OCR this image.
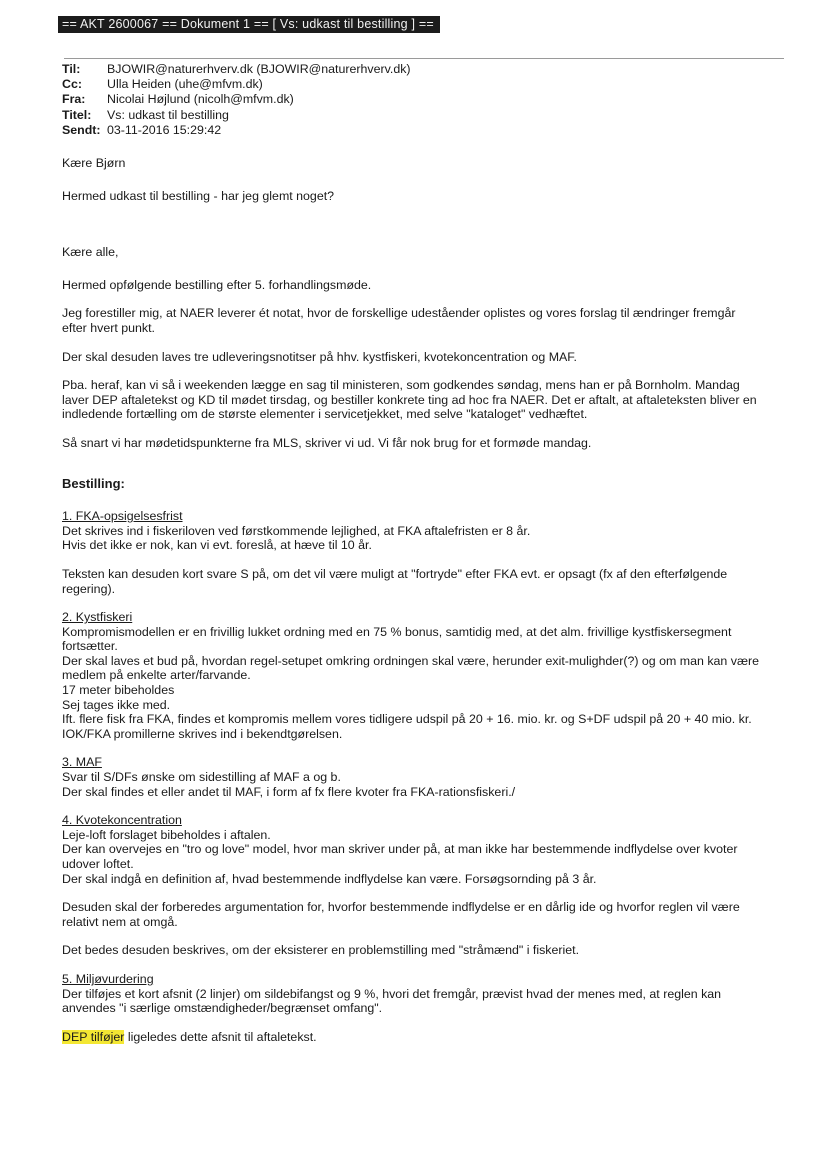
== AKT 2600067 == Dokument 1 == [ Vs: udkast til bestilling ] ==
Til:	BJOWIR@naturerhverv.dk (BJOWIR@naturerhverv.dk)
Cc:	Ulla Heiden (uhe@mfvm.dk)
Fra:	Nicolai Højlund (nicolh@mfvm.dk)
Titel:	Vs: udkast til bestilling
Sendt:	03-11-2016 15:29:42

Kære Bjørn

Hermed udkast til bestilling - har jeg glemt noget?

Kære alle,

Hermed opfølgende bestilling efter 5. forhandlingsmøde.

Jeg forestiller mig, at NAER leverer ét notat, hvor de forskellige udeståender oplistes og vores forslag til ændringer fremgår efter hvert punkt.

Der skal desuden laves tre udleveringsnotitser på hhv. kystfiskeri, kvotekoncentration og MAF.

Pba. heraf, kan vi så i weekenden lægge en sag til ministeren, som godkendes søndag, mens han er på Bornholm. Mandag laver DEP aftaletekst og KD til mødet tirsdag, og bestiller konkrete ting ad hoc fra NAER. Det er aftalt, at aftaleteksten bliver en indledende fortælling om de største elementer i servicetjekket, med selve "kataloget" vedhæftet.

Så snart vi har mødetidspunkterne fra MLS, skriver vi ud. Vi får nok brug for et formøde mandag.

Bestilling:

1. FKA-opsigelsesfrist

Det skrives ind i fiskeriloven ved førstkommende lejlighed, at FKA aftalefristen er 8 år.
Hvis det ikke er nok, kan vi evt. foreslå, at hæve til 10 år.

Teksten kan desuden kort svare S på, om det vil være muligt at "fortryde" efter FKA evt. er opsagt (fx af den efterfølgende regering).

2. Kystfiskeri

Kompromismodellen er en frivillig lukket ordning med en 75 % bonus, samtidig med, at det alm. frivillige kystfiskersegment fortsætter.
Der skal laves et bud på, hvordan regel-setupet omkring ordningen skal være, herunder exit-mulighder(?) og om man kan være medlem på enkelte arter/farvande.
17 meter bibeholdes
Sej tages ikke med.
Ift. flere fisk fra FKA, findes et kompromis mellem vores tidligere udspil på 20 + 16. mio. kr. og S+DF udspil på 20 + 40 mio. kr.
IOK/FKA promillerne skrives ind i bekendtgørelsen.

3. MAF

Svar til S/DFs ønske om sidestilling af MAF a og b.
Der skal findes et eller andet til MAF, i form af fx flere kvoter fra FKA-rationsfiskeri./

4. Kvotekoncentration

Leje-loft forslaget bibeholdes i aftalen.
Der kan overvejes en "tro og love" model, hvor man skriver under på, at man ikke har bestemmende indflydelse over kvoter udover loftet.
Der skal indgå en definition af, hvad bestemmende indflydelse kan være. Forsøgsornding på 3 år.

Desuden skal der forberedes argumentation for, hvorfor bestemmende indflydelse er en dårlig ide og hvorfor reglen vil være relativt nem at omgå.

Det bedes desuden beskrives, om der eksisterer en problemstilling med "stråmænd" i fiskeriet.

5. Miljøvurdering

Der tilføjes et kort afsnit (2 linjer) om sildebifangst og 9 %, hvori det fremgår, prævist hvad der menes med, at reglen kan anvendes "i særlige omstændigheder/begrænset omfang".

DEP tilføjer ligeledes dette afsnit til aftaletekst.
